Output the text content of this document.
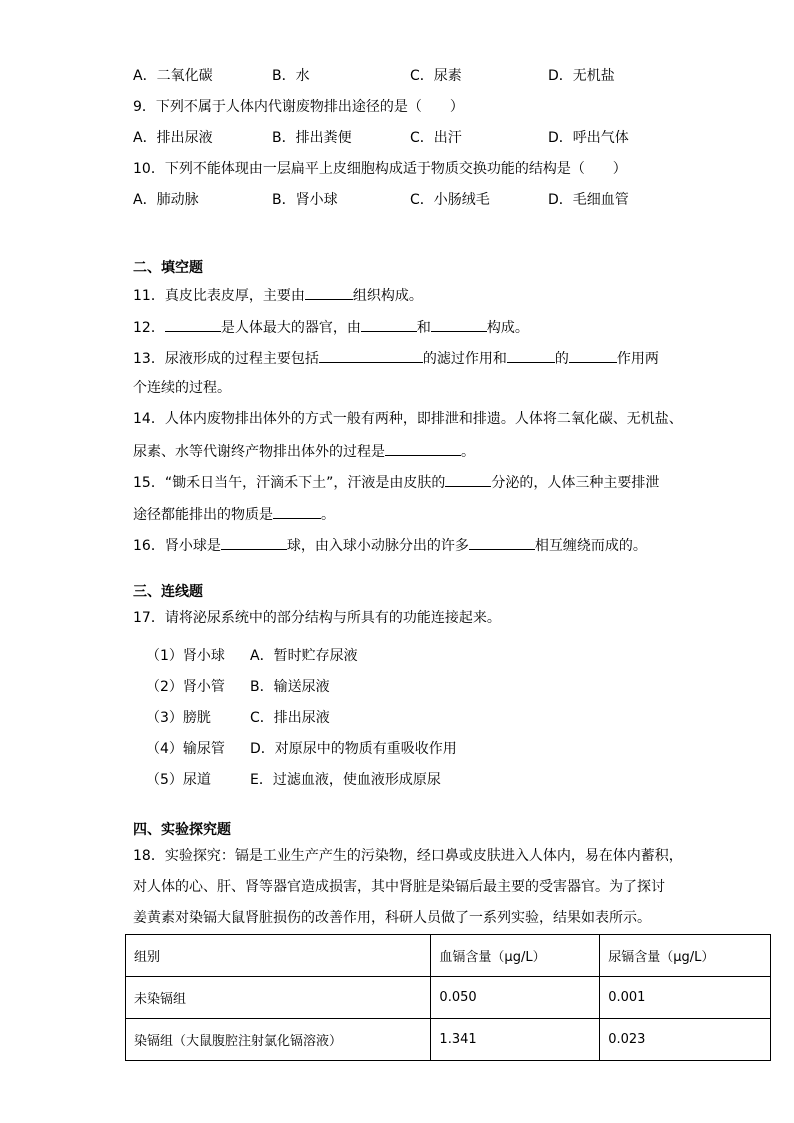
A．二氧化碳	B．水	C．尿素	D．无机盐
9．下列不属于人体内代谢废物排出途径的是（　　）
A．排出尿液	B．排出粪便	C．出汗	D．呼出气体
10．下列不能体现由一层扁平上皮细胞构成适于物质交换功能的结构是（　　）
A．肺动脉	B．肾小球	C．小肠绒毛	D．毛细血管
二、填空题
11．真皮比表皮厚，主要由	组织构成。
12．	是人体最大的器官，由	和	构成。
13．尿液形成的过程主要包括	的滤过作用和	的	作用两
个连续的过程。
14．人体内废物排出体外的方式一般有两种，即排泄和排遗。人体将二氧化碳、无机盐、
尿素、水等代谢终产物排出体外的过程是	。
15．“锄禾日当午，汗滴禾下土”，汗液是由皮肤的	分泌的，人体三种主要排泄
途径都能排出的物质是	。
16．肾小球是	球，由入球小动脉分出的许多	相互缠绕而成的。
三、连线题
17．请将泌尿系统中的部分结构与所具有的功能连接起来。
（1）肾小球 A．暂时贮存尿液
（2）肾小管 B．输送尿液
（3）膀胱	C．排出尿液
（4）输尿管 D．对原尿中的物质有重吸收作用
（5）尿道	E．过滤血液，使血液形成原尿
四、实验探究题
18．实验探究：镉是工业生产产生的污染物，经口鼻或皮肤进入人体内，易在体内蓄积，
对人体的心、肝、肾等器官造成损害，其中肾脏是染镉后最主要的受害器官。为了探讨
姜黄素对染镉大鼠肾脏损伤的改善作用，科研人员做了一系列实验，结果如表所示。
组别	血镉含量（μg/L）	尿镉含量（μg/L）
未染镉组	0.050	0.001
染镉组（大鼠腹腔注射氯化镉溶液）	1.341	0.023
